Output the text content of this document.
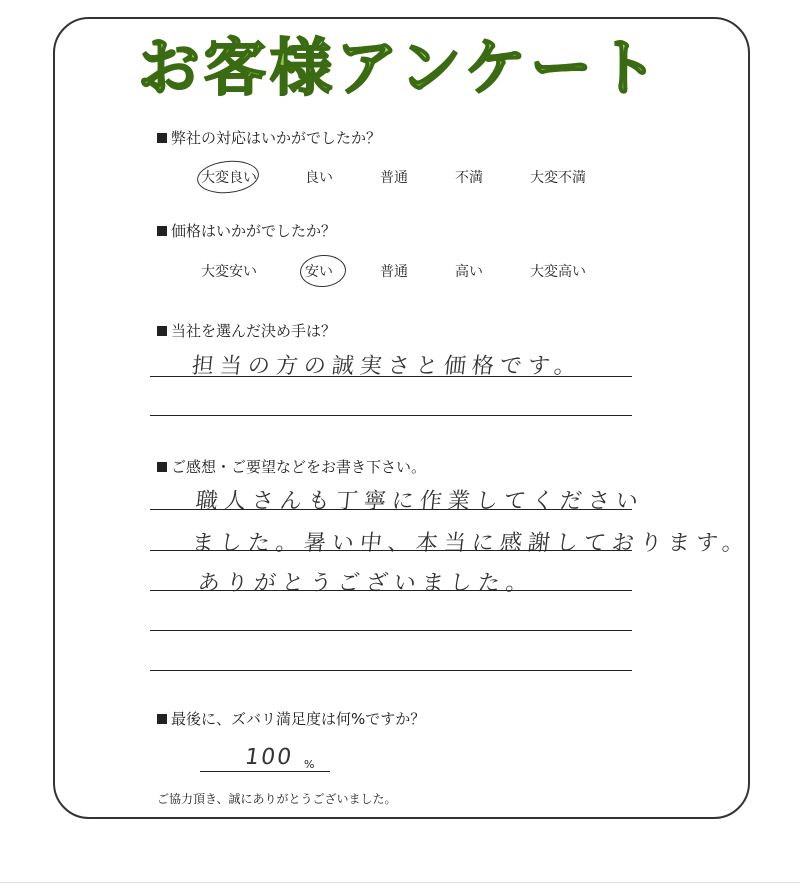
お客様アンケート
弊社の対応はいかがでしたか？
大変良い	良い	普通	不満	大変不満
価格はいかがでしたか？
大変安い	安い	普通	高い	大変高い
当社を選んだ決め手は？
担当の方の誠実さと価格です。
ご感想・ご要望などをお書き下さい。
職人さんも丁寧に作業してください
ました。暑い中、本当に感謝しております。
ありがとうございました。
最後に、ズバリ満足度は何%ですか？
100 %
ご協力頂き、誠にありがとうございました。
